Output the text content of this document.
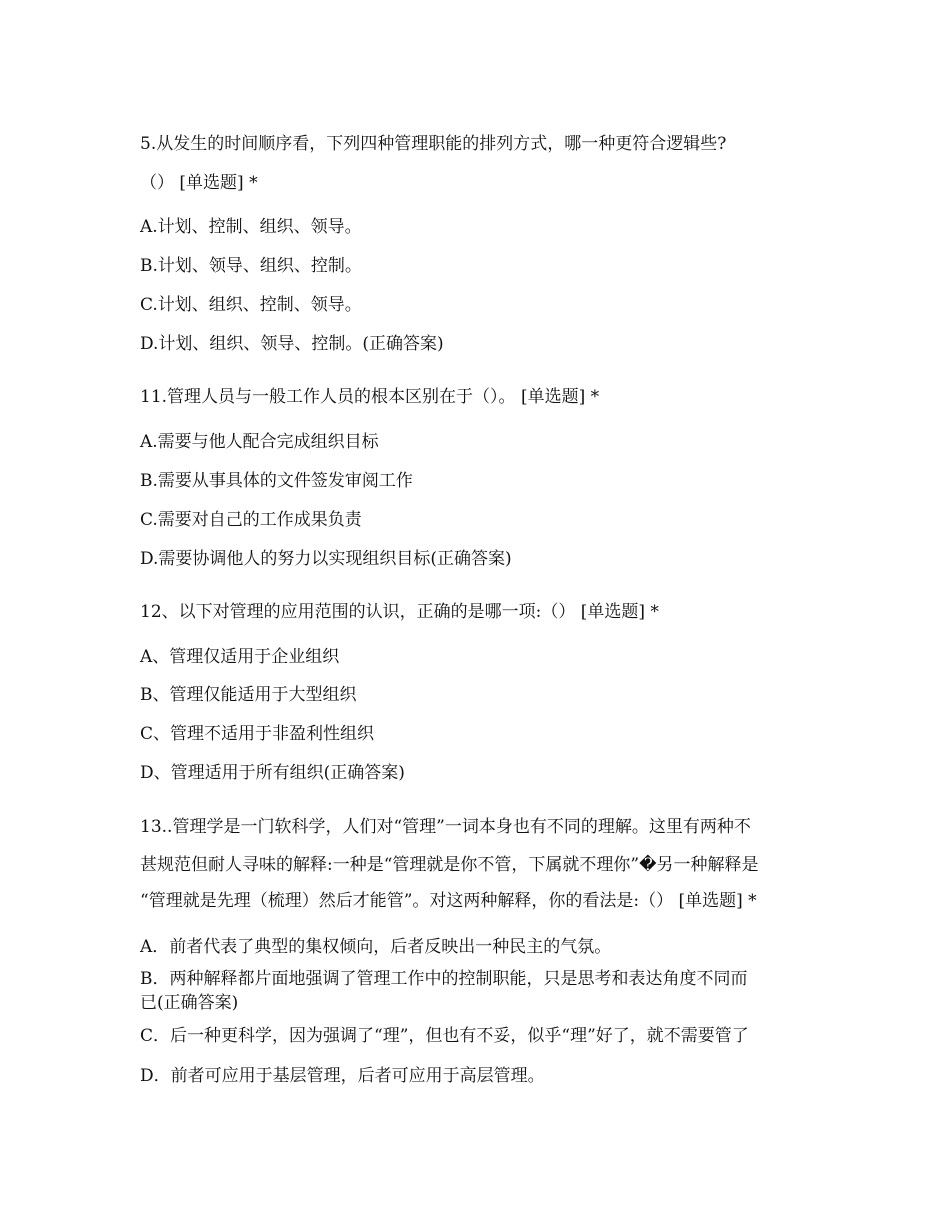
5.从发生的时间顺序看，下列四种管理职能的排列方式，哪一种更符合逻辑些?
（） [单选题] *
A.计划、控制、组织、领导。
B.计划、领导、组织、控制。
C.计划、组织、控制、领导。
D.计划、组织、领导、控制。(正确答案)
11.管理人员与一般工作人员的根本区别在于（）。 [单选题] *
A.需要与他人配合完成组织目标
B.需要从事具体的文件签发审阅工作
C.需要对自己的工作成果负责
D.需要协调他人的努力以实现组织目标(正确答案)
12、以下对管理的应用范围的认识，正确的是哪一项:（） [单选题] *
A、管理仅适用于企业组织
B、管理仅能适用于大型组织
C、管理不适用于非盈利性组织
D、管理适用于所有组织(正确答案)
13..管理学是一门软科学，人们对“管理”一词本身也有不同的理解。这里有两种不
甚规范但耐人寻味的解释:一种是“管理就是你不管，下属就不理你”�另一种解释是
“管理就是先理（梳理）然后才能管”。对这两种解释，你的看法是:（） [单选题] *
A．前者代表了典型的集权倾向，后者反映出一种民主的气氛。
B．两种解释都片面地强调了管理工作中的控制职能，只是思考和表达角度不同而
已(正确答案)
C．后一种更科学，因为强调了“理”，但也有不妥，似乎“理”好了，就不需要管了
D．前者可应用于基层管理，后者可应用于高层管理。
